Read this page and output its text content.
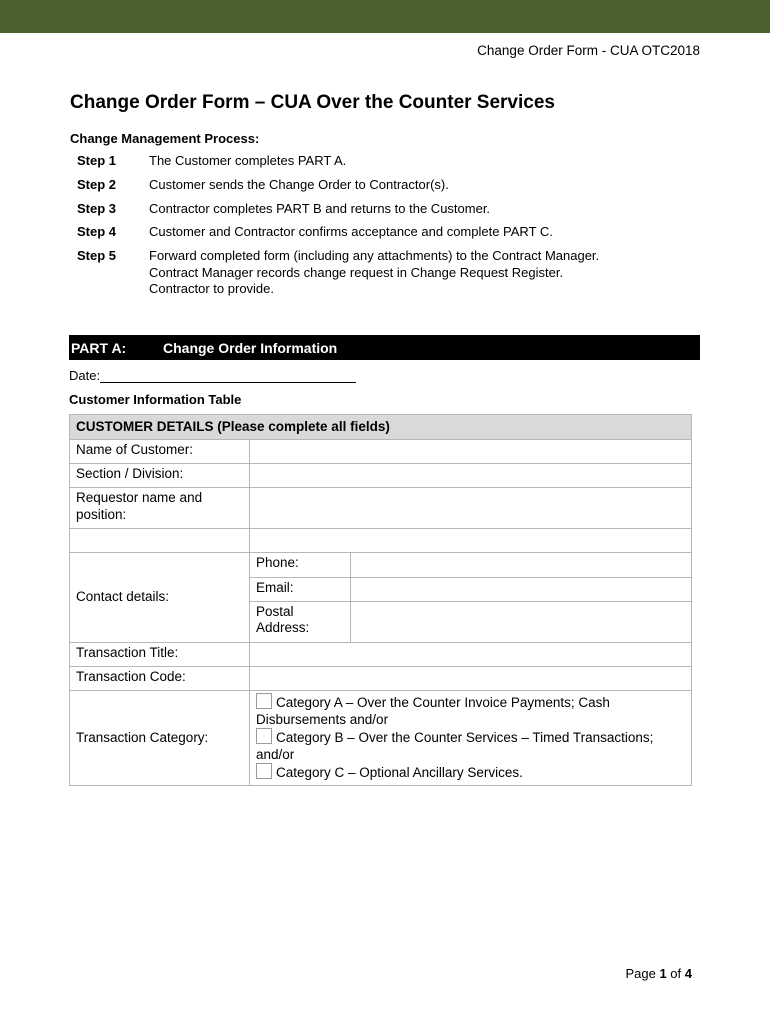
Change Order Form - CUA OTC2018
Change Order Form – CUA Over the Counter Services
Change Management Process:
Step 1	The Customer completes PART A.
Step 2	Customer sends the Change Order to Contractor(s).
Step 3	Contractor completes PART B and returns to the Customer.
Step 4	Customer and Contractor confirms acceptance and complete PART C.
Step 5	Forward completed form (including any attachments) to the Contract Manager.
Contract Manager records change request in Change Request Register.
Contractor to provide.
PART A:	Change Order Information
Date:
Customer Information Table
CUSTOMER DETAILS (Please complete all fields)
Name of Customer:	
Section / Division:	
Requestor name and position:	

Contact details:	
Phone:	
Email:	
Postal Address:	

Transaction Title:	
Transaction Code:	
Transaction Category:	
Category A – Over the Counter Invoice Payments; Cash Disbursements and/or
Category B – Over the Counter Services – Timed Transactions; and/or
Category C – Optional Ancillary Services.
Page 1 of 4
